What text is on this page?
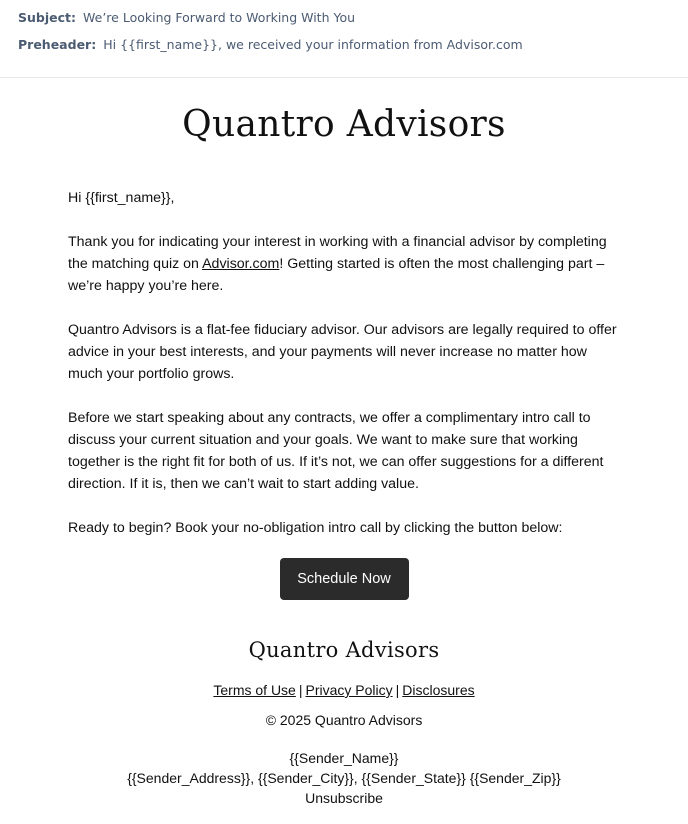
Subject: We’re Looking Forward to Working With You
Preheader: Hi {{first_name}}, we received your information from Advisor.com
Quantro Advisors

Hi {{first_name}},

Thank you for indicating your interest in working with a financial advisor by completing the matching quiz on Advisor.com! Getting started is often the most challenging part – we’re happy you’re here.

Quantro Advisors is a flat-fee fiduciary advisor. Our advisors are legally required to offer advice in your best interests, and your payments will never increase no matter how much your portfolio grows.

Before we start speaking about any contracts, we offer a complimentary intro call to discuss your current situation and your goals. We want to make sure that working together is the right fit for both of us. If it’s not, we can offer suggestions for a different direction. If it is, then we can’t wait to start adding value.

Ready to begin? Book your no-obligation intro call by clicking the button below:

Schedule Now
Quantro Advisors
Terms of Use | Privacy Policy | Disclosures
© 2025 Quantro Advisors
{{Sender_Name}}
{{Sender_Address}}, {{Sender_City}}, {{Sender_State}} {{Sender_Zip}}
Unsubscribe
